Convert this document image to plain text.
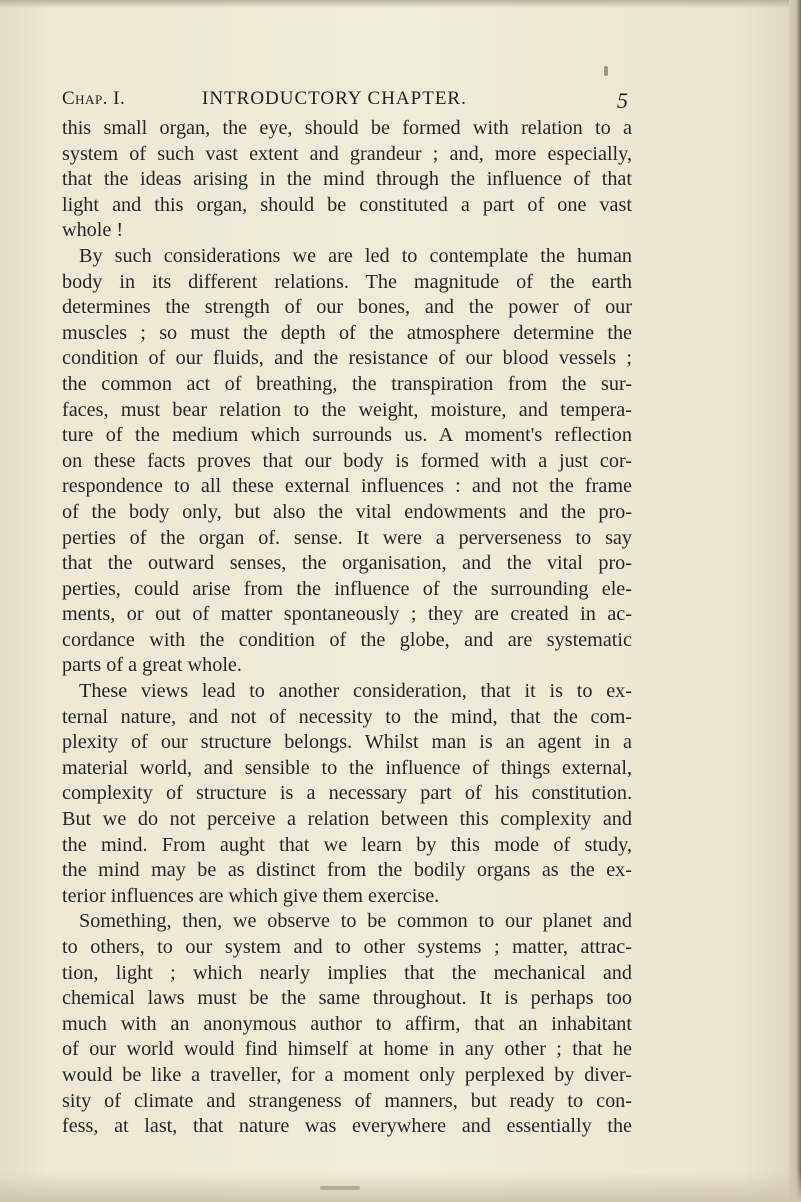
Chap. I.	INTRODUCTORY CHAPTER.	5
this small organ, the eye, should be formed with relation to a
system of such vast extent and grandeur ; and, more especially,
that the ideas arising in the mind through the influence of that
light and this organ, should be constituted a part of one vast
whole !
By such considerations we are led to contemplate the human
body in its different relations. The magnitude of the earth
determines the strength of our bones, and the power of our
muscles ; so must the depth of the atmosphere determine the
condition of our fluids, and the resistance of our blood vessels ;
the common act of breathing, the transpiration from the sur-
faces, must bear relation to the weight, moisture, and tempera-
ture of the medium which surrounds us. A moment's reflection
on these facts proves that our body is formed with a just cor-
respondence to all these external influences : and not the frame
of the body only, but also the vital endowments and the pro-
perties of the organ of. sense. It were a perverseness to say
that the outward senses, the organisation, and the vital pro-
perties, could arise from the influence of the surrounding ele-
ments, or out of matter spontaneously ; they are created in ac-
cordance with the condition of the globe, and are systematic
parts of a great whole.
These views lead to another consideration, that it is to ex-
ternal nature, and not of necessity to the mind, that the com-
plexity of our structure belongs. Whilst man is an agent in a
material world, and sensible to the influence of things external,
complexity of structure is a necessary part of his constitution.
But we do not perceive a relation between this complexity and
the mind. From aught that we learn by this mode of study,
the mind may be as distinct from the bodily organs as the ex-
terior influences are which give them exercise.
Something, then, we observe to be common to our planet and
to others, to our system and to other systems ; matter, attrac-
tion, light ; which nearly implies that the mechanical and
chemical laws must be the same throughout. It is perhaps too
much with an anonymous author to affirm, that an inhabitant
of our world would find himself at home in any other ; that he
would be like a traveller, for a moment only perplexed by diver-
sity of climate and strangeness of manners, but ready to con-
fess, at last, that nature was everywhere and essentially the
